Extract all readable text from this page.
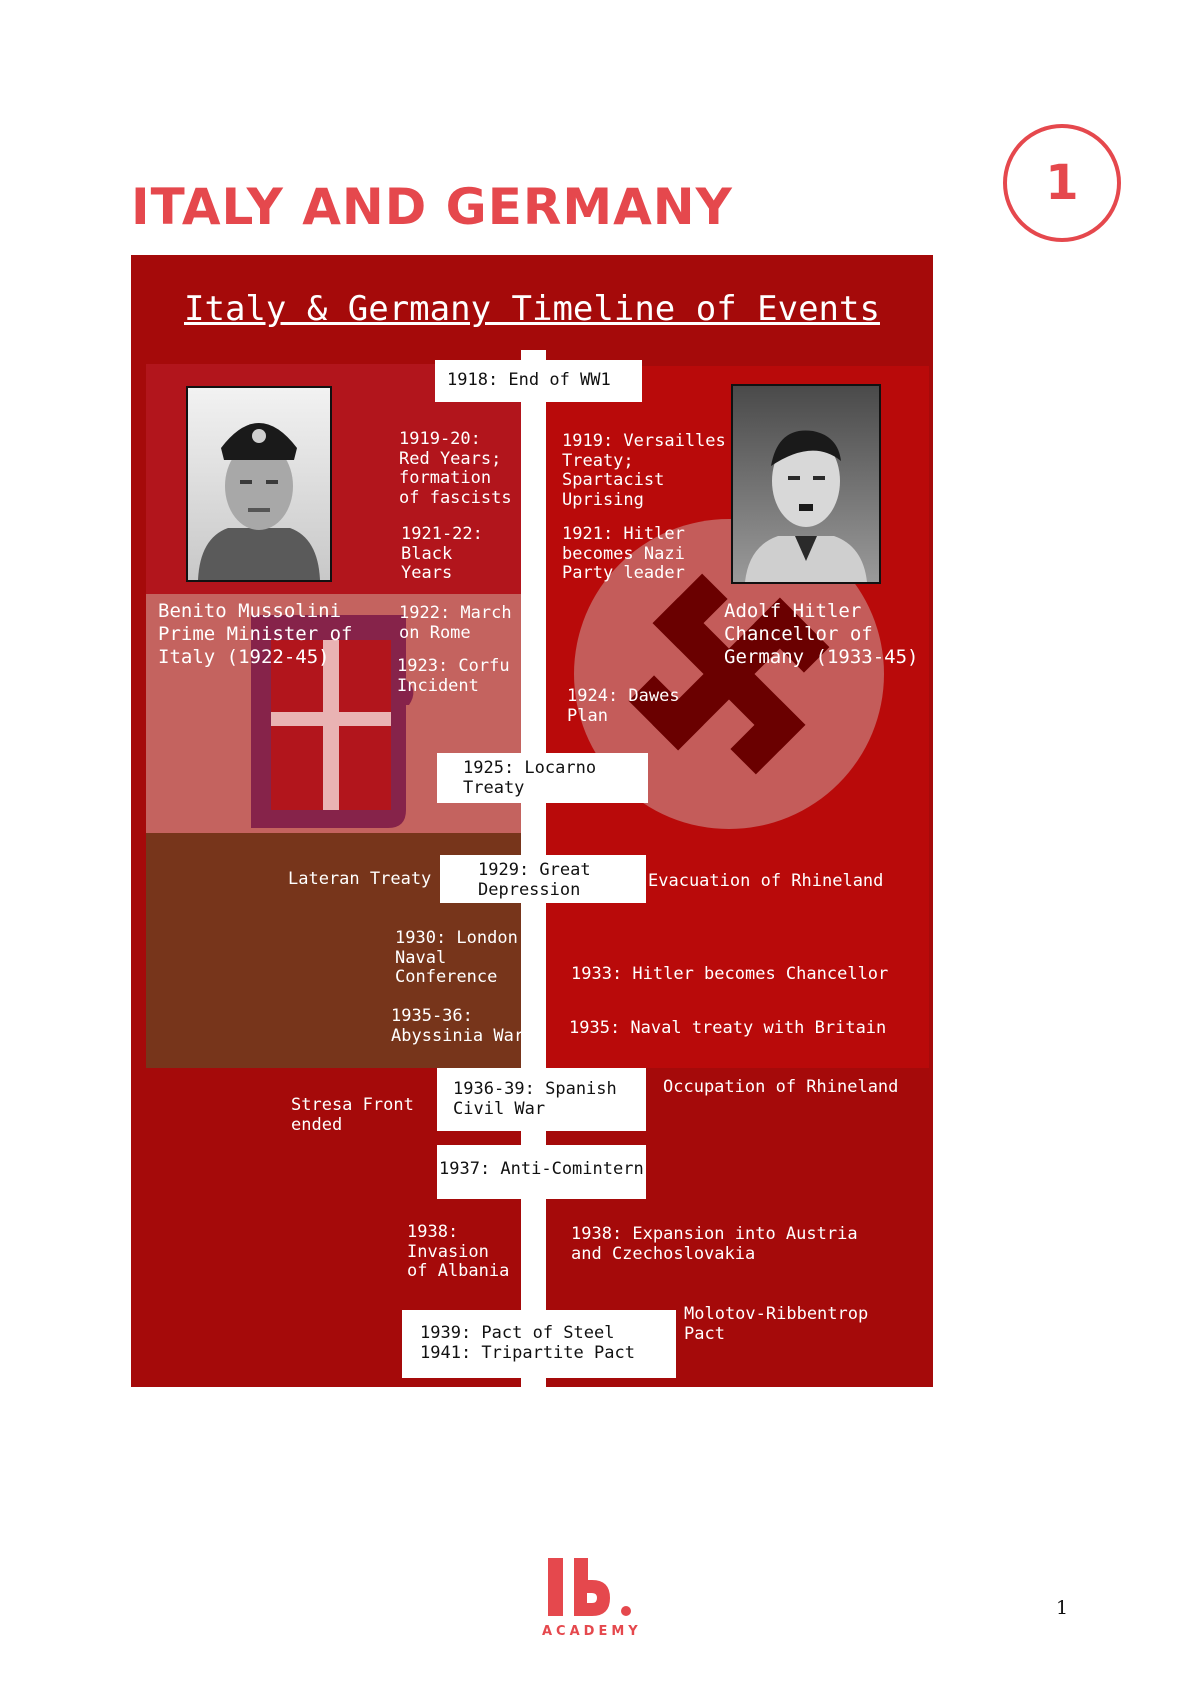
ITALY AND GERMANY	1
Italy & Germany Timeline of Events
Benito Mussolini
Prime Minister of
Italy (1922-45)
Adolf Hitler
Chancellor of
Germany (1933-45)
1918: End of WW1
1925: Locarno
Treaty
1929: Great
Depression
1936-39: Spanish
Civil War
1937: Anti-Comintern
1939: Pact of Steel
1941: Tripartite Pact
1919-20:
Red Years;
formation
of fascists
1921-22:
Black
Years
1922: March
on Rome
1923: Corfu
Incident
Lateran Treaty
1930: London
Naval
Conference
1935-36:
Abyssinia War
Stresa Front
ended
1938:
Invasion
of Albania
1919: Versailles
Treaty;
Spartacist
Uprising
1921: Hitler
becomes Nazi
Party leader
1924: Dawes
Plan
Evacuation of Rhineland
1933: Hitler becomes Chancellor
1935: Naval treaty with Britain
Occupation of Rhineland
1938: Expansion into Austria
and Czechoslovakia
Molotov-Ribbentrop
Pact
ACADEMY
1
